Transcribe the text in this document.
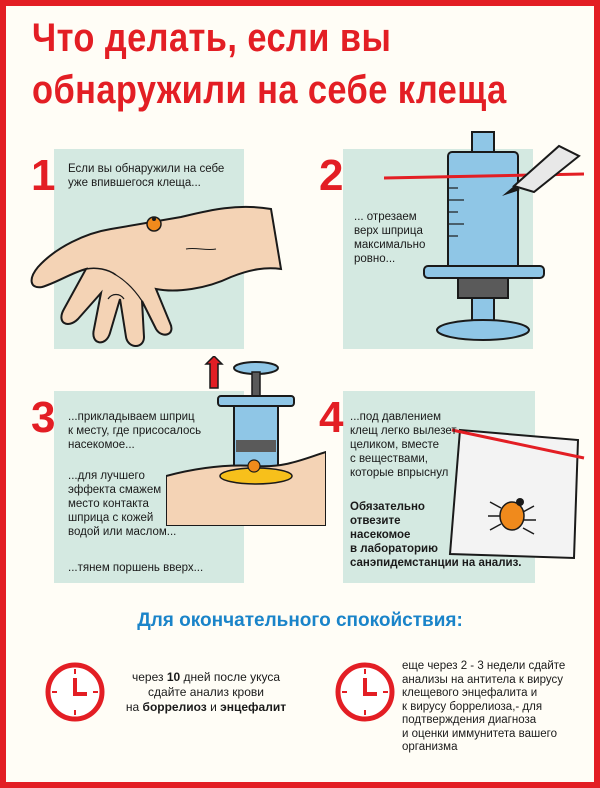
Что делать, если вы
обнаружили на себе клеща
1 Если вы обнаружили на себе
уже впившегося клеща...	2
... отрезаем
верх шприца
максимально
ровно...
3 ...прикладываем шприц
к месту, где присосалось
насекомое...
...для лучшего
эффекта смажем
место контакта
шприца с кожей
водой или маслом...
...тянем поршень вверх...
4 ...под давлением
клещ легко вылезет
целиком, вместе
с веществами,
которые впрыснул
Обязательно
отвезите
насекомое
в лабораторию
санэпидемстанции на анализ.
Для окончательного спокойствия:
через 10 дней после укуса
сдайте анализ крови
на боррелиоз и энцефалит
еще через 2 - 3 недели сдайте
анализы на антитела к вирусу
клещевого энцефалита и
к вирусу боррелиоза,- для
подтверждения диагноза
и оценки иммунитета вашего
организма
